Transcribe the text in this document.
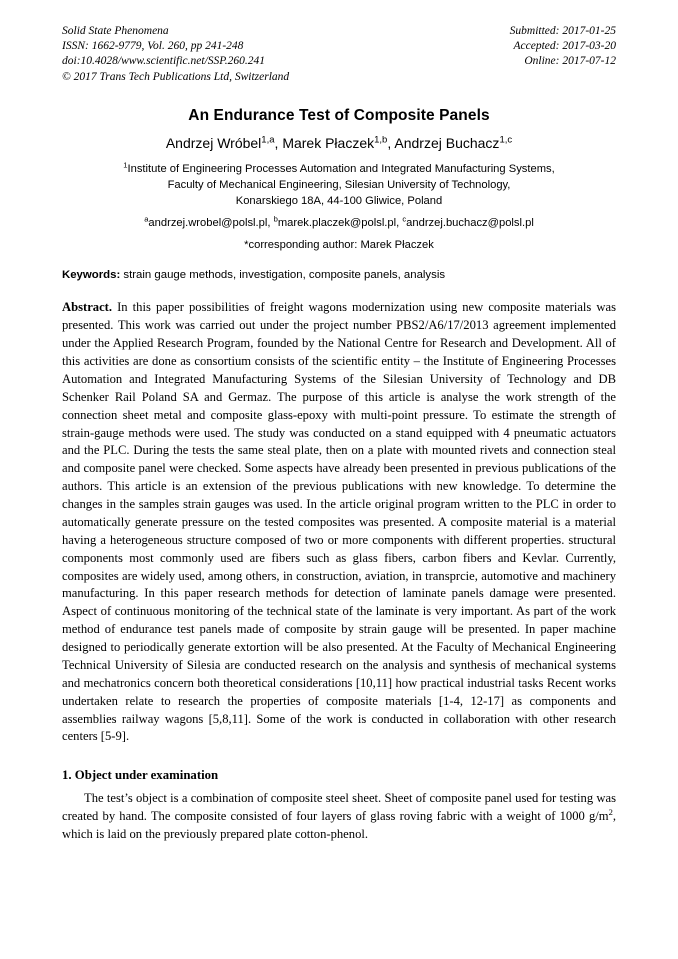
Solid State Phenomena
ISSN: 1662-9779, Vol. 260, pp 241-248
doi:10.4028/www.scientific.net/SSP.260.241
© 2017 Trans Tech Publications Ltd, Switzerland
Submitted: 2017-01-25
Accepted: 2017-03-20
Online: 2017-07-12
An Endurance Test of Composite Panels
Andrzej Wróbel$^{1,a}$, Marek Płaczek$^{1,b}$, Andrzej Buchacz$^{1,c}$
$^1$Institute of Engineering Processes Automation and Integrated Manufacturing Systems,
Faculty of Mechanical Engineering, Silesian University of Technology,
Konarskiego 18A, 44-100 Gliwice, Poland
$^a$andrzej.wrobel@polsl.pl, $^b$marek.placzek@polsl.pl, $^c$andrzej.buchacz@polsl.pl
*corresponding author: Marek Płaczek
Keywords: strain gauge methods, investigation, composite panels, analysis
Abstract. In this paper possibilities of freight wagons modernization using new composite materials was presented. This work was carried out under the project number PBS2/A6/17/2013 agreement implemented under the Applied Research Program, founded by the National Centre for Research and Development. All of this activities are done as consortium consists of the scientific entity – the Institute of Engineering Processes Automation and Integrated Manufacturing Systems of the Silesian University of Technology and DB Schenker Rail Poland SA and Germaz. The purpose of this article is analyse the work strength of the connection sheet metal and composite glass-epoxy with multi-point pressure. To estimate the strength of strain-gauge methods were used. The study was conducted on a stand equipped with 4 pneumatic actuators and the PLC. During the tests the same steal plate, then on a plate with mounted rivets and connection steal and composite panel were checked. Some aspects have already been presented in previous publications of the authors. This article is an extension of the previous publications with new knowledge. To determine the changes in the samples strain gauges was used. In the article original program written to the PLC in order to automatically generate pressure on the tested composites was presented. A composite material is a material having a heterogeneous structure composed of two or more components with different properties. structural components most commonly used are fibers such as glass fibers, carbon fibers and Kevlar. Currently, composites are widely used, among others, in construction, aviation, in transprcie, automotive and machinery manufacturing. In this paper research methods for detection of laminate panels damage were presented. Aspect of continuous monitoring of the technical state of the laminate is very important. As part of the work method of endurance test panels made of composite by strain gauge will be presented. In paper machine designed to periodically generate extortion will be also presented. At the Faculty of Mechanical Engineering Technical University of Silesia are conducted research on the analysis and synthesis of mechanical systems and mechatronics concern both theoretical considerations [10,11] how practical industrial tasks Recent works undertaken relate to research the properties of composite materials [1-4, 12-17] as components and assemblies railway wagons [5,8,11]. Some of the work is conducted in collaboration with other research centers [5-9].
1. Object under examination
The test’s object is a combination of composite steel sheet. Sheet of composite panel used for testing was created by hand. The composite consisted of four layers of glass roving fabric with a weight of 1000 $g/m^2$, which is laid on the previously prepared plate cotton-phenol.
